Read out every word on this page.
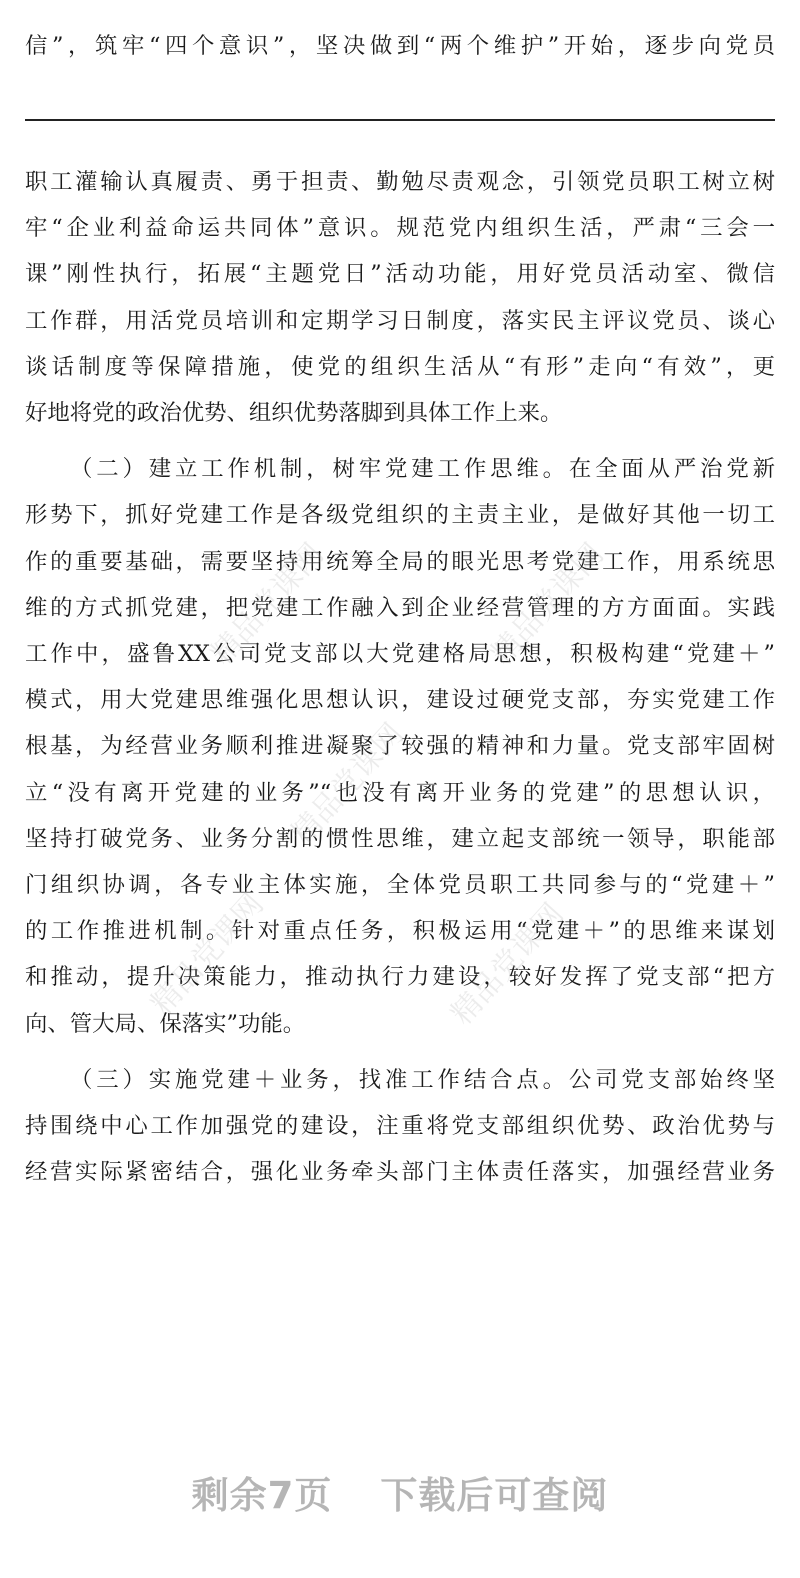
信”，筑牢“四个意识”，坚决做到“两个维护”开始，逐步向党员
职工灌输认真履责、勇于担责、勤勉尽责观念，引领党员职工树立树
牢“企业利益命运共同体”意识。规范党内组织生活，严肃“三会一
课”刚性执行，拓展“主题党日”活动功能，用好党员活动室、微信
工作群，用活党员培训和定期学习日制度，落实民主评议党员、谈心
谈话制度等保障措施，使党的组织生活从“有形”走向“有效”，更
好地将党的政治优势、组织优势落脚到具体工作上来。
（二）建立工作机制，树牢党建工作思维。在全面从严治党新
形势下，抓好党建工作是各级党组织的主责主业，是做好其他一切工
作的重要基础，需要坚持用统筹全局的眼光思考党建工作，用系统思
维的方式抓党建，把党建工作融入到企业经营管理的方方面面。实践
工作中，盛鲁XX公司党支部以大党建格局思想，积极构建“党建＋”
模式，用大党建思维强化思想认识，建设过硬党支部，夯实党建工作
根基，为经营业务顺利推进凝聚了较强的精神和力量。党支部牢固树
立“没有离开党建的业务”“也没有离开业务的党建”的思想认识，
坚持打破党务、业务分割的惯性思维，建立起支部统一领导，职能部
门组织协调，各专业主体实施，全体党员职工共同参与的“党建＋”
的工作推进机制。针对重点任务，积极运用“党建＋”的思维来谋划
和推动，提升决策能力，推动执行力建设，较好发挥了党支部“把方
向、管大局、保落实”功能。
（三）实施党建＋业务，找准工作结合点。公司党支部始终坚
持围绕中心工作加强党的建设，注重将党支部组织优势、政治优势与
经营实际紧密结合，强化业务牵头部门主体责任落实，加强经营业务
精品党课网	精品党课网
精品党课网
精品党课网	精品党课网
剩余7页 下载后可查阅
